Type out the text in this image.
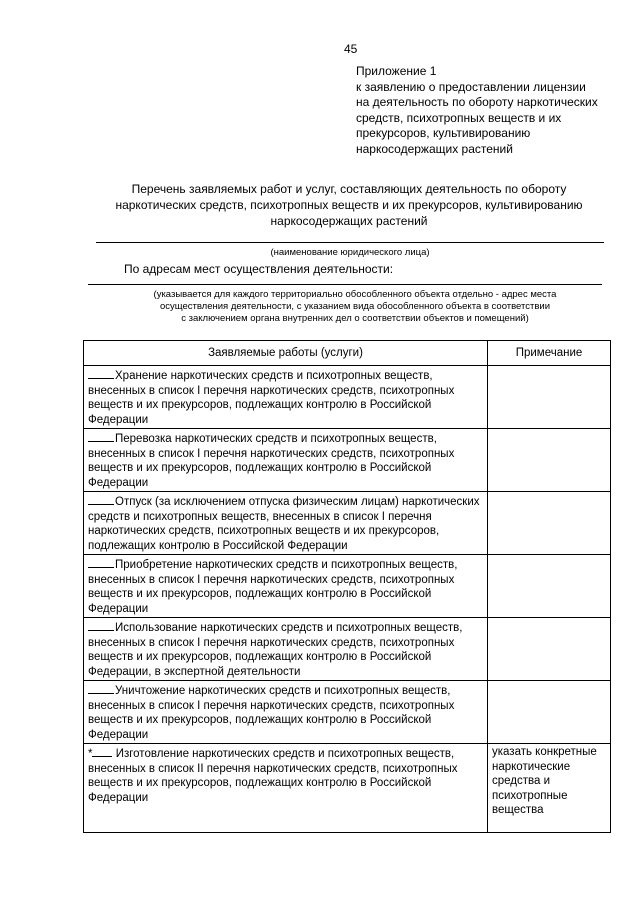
45
Приложение 1
к заявлению о предоставлении лицензии
на деятельность по обороту наркотических
средств, психотропных веществ и их
прекурсоров, культивированию
наркосодержащих растений
Перечень заявляемых работ и услуг, составляющих деятельность по обороту
наркотических средств, психотропных веществ и их прекурсоров, культивированию
наркосодержащих растений
(наименование юридического лица)
По адресам мест осуществления деятельности:
(указывается для каждого территориально обособленного объекта отдельно - адрес места
осуществления деятельности, с указанием вида обособленного объекта в соответствии
с заключением органа внутренних дел о соответствии объектов и помещений)
Заявляемые работы (услуги)	Примечание
Хранение наркотических средств и психотропных веществ, внесенных в список I перечня наркотических средств, психотропных веществ и их прекурсоров, подлежащих контролю в Российской Федерации	
Перевозка наркотических средств и психотропных веществ, внесенных в список I перечня наркотических средств, психотропных веществ и их прекурсоров, подлежащих контролю в Российской Федерации	
Отпуск (за исключением отпуска физическим лицам) наркотических средств и психотропных веществ, внесенных в список I перечня наркотических средств, психотропных веществ и их прекурсоров, подлежащих контролю в Российской Федерации	
Приобретение наркотических средств и психотропных веществ, внесенных в список I перечня наркотических средств, психотропных веществ и их прекурсоров, подлежащих контролю в Российской Федерации	
Использование наркотических средств и психотропных веществ, внесенных в список I перечня наркотических средств, психотропных веществ и их прекурсоров, подлежащих контролю в Российской Федерации, в экспертной деятельности	
Уничтожение наркотических средств и психотропных веществ, внесенных в список I перечня наркотических средств, психотропных веществ и их прекурсоров, подлежащих контролю в Российской Федерации	
* Изготовление наркотических средств и психотропных веществ, внесенных в список II перечня наркотических средств, психотропных веществ и их прекурсоров, подлежащих контролю в Российской Федерации	указать конкретные наркотические средства и психотропные вещества
